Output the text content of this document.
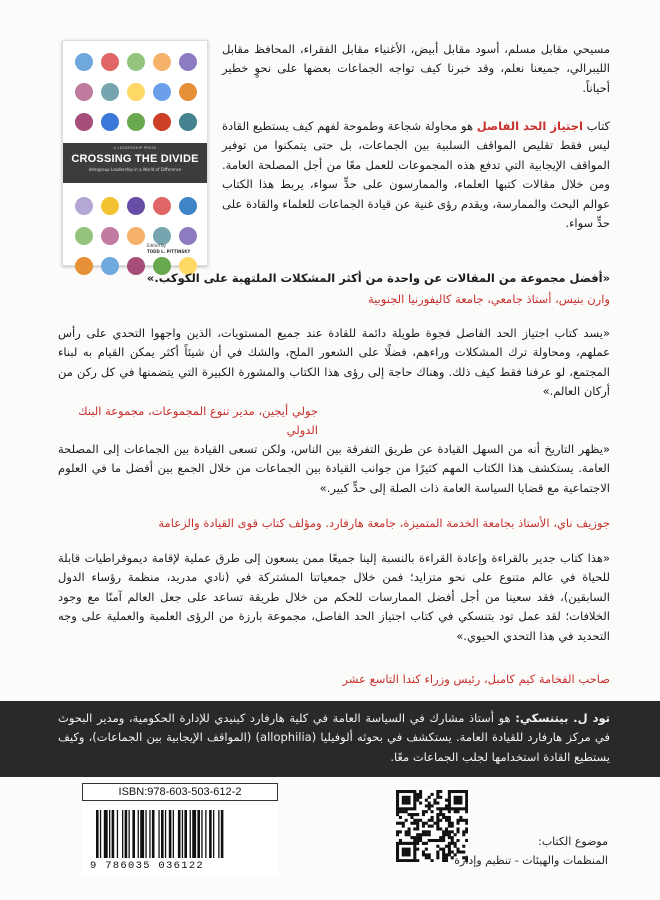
A LEADERSHIP PRESS
CROSSING THE DIVIDE
Intergroup Leadership in a World of Difference
Edited by
TODD L. PITTINSKY

مسيحي مقابل مسلم، أسود مقابل أبيض، الأغنياء مقابل الفقراء، المحافظ مقابل الليبرالي، جميعنا نعلم، وقد خبرنا كيف تواجه الجماعات بعضها على نحوٍ خطير أحياناً.

كتاب اجتياز الحد الفاصل هو محاولة شجاعة وطموحة لفهم كيف يستطيع القادة ليس فقط تقليص المواقف السلبية بين الجماعات، بل حتى يتمكنوا من توفير المواقف الإيجابية التي تدفع هذه المجموعات للعمل معًا من أجل المصلحة العامة. ومن خلال مقالات كتبها العلماء، والممارسون على حدٍّ سواء، يربط هذا الكتاب عوالم البحث والممارسة، ويقدم رؤى غنية عن قيادة الجماعات للعلماء والقادة على حدٍّ سواء.

«أفضل مجموعة من المقالات عن واحدة من أكثر المشكلات الملتهبة على الكوكب.»

وارن بنيس، أستاذ جامعي، جامعة كاليفورنيا الجنوبية

«يسد كتاب اجتياز الحد الفاصل فجوة طويلة دائمة للقادة عند جميع المستويات، الذين واجهوا التحدي على رأس عملهم، ومحاولة ترك المشكلات وراءهم، فضلًا على الشعور الملح، والشك في أن شيئاً أكثر يمكن القيام به لبناء المجتمع، لو عرفنا فقط كيف ذلك. وهناك حاجة إلى رؤى هذا الكتاب والمشورة الكبيرة التي يتضمنها في كل ركن من أركان العالم.»

جولي أيجين، مدير تنوع المجموعات، مجموعة البنك الدولي

«يظهر التاريخ أنه من السهل القيادة عن طريق التفرقة بين الناس، ولكن تسعى القيادة بين الجماعات إلى المصلحة العامة. يستكشف هذا الكتاب المهم كثيرًا من جوانب القيادة بين الجماعات من خلال الجمع بين أفضل ما في العلوم الاجتماعية مع قضايا السياسة العامة ذات الصلة إلى حدٍّ كبير.»

جوزيف ناي، الأستاذ بجامعة الخدمة المتميزة، جامعة هارفارد. ومؤلف كتاب قوى القيادة والزعامة

«هذا كتاب جدير بالقراءة وإعادة القراءة بالنسبة إلينا جميعًا ممن يسعون إلى طرق عملية لإقامة ديموقراطيات قابلة للحياة في عالم متنوع على نحو متزايد؛ فمن خلال جمعياتنا المشتركة في (نادي مدريد، منظمة رؤساء الدول السابقين)، فقد سعينا من أجل أفضل الممارسات للحكم من خلال طريقة تساعد على جعل العالم آمنًا مع وجود الخلافات؛ لقد عمل تود بتنسكي في كتاب اجتياز الحد الفاصل، مجموعة بارزة من الرؤى العلمية والعملية على وجه التحديد في هذا التحدي الحيوي.»

صاحب الفخامة كيم كامبل، رئيس وزراء كندا التاسع عشر

تود ل. بيتنسكي: هو أستاذ مشارك في السياسة العامة في كلية هارفارد كينيدي للإدارة الحكومية، ومدير البحوث في مركز هارفارد للقيادة العامة. يستكشف في بحوثه ألوفيليا (allophilia) (المواقف الإيجابية بين الجماعات)، وكيف يستطيع القادة استخدامها لجلب الجماعات معًا.

ISBN:978-603-503-612-2
9 786035 036122
موضوع الكتاب:
المنظمات والهيئات - تنظيم وإدارة
